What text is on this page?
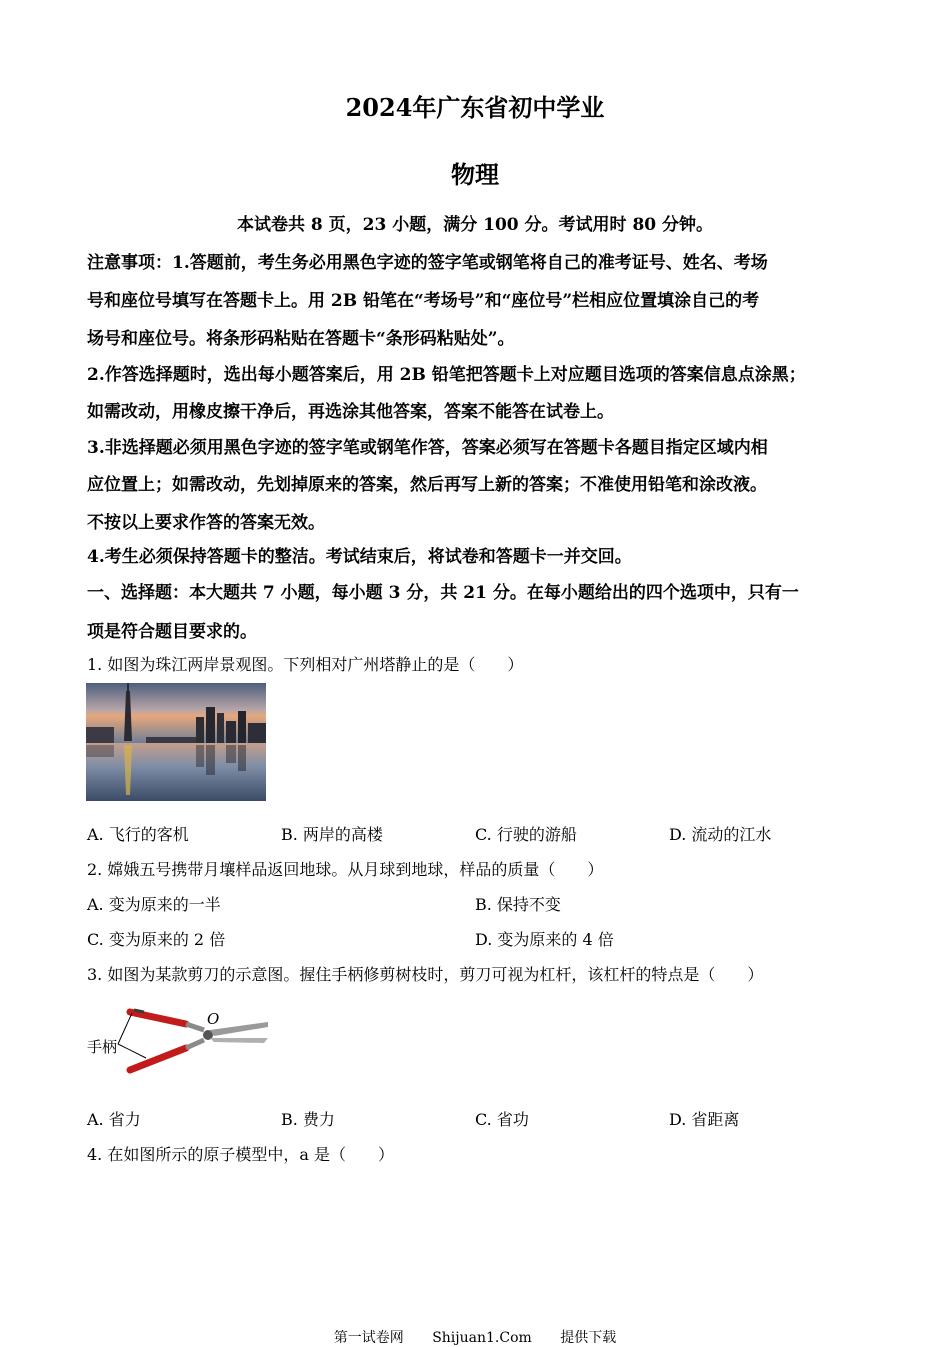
2024年广东省初中学业
物理
本试卷共 8 页，23 小题，满分 100 分。考试用时 80 分钟。
注意事项：1.答题前，考生务必用黑色字迹的签字笔或钢笔将自己的准考证号、姓名、考场
号和座位号填写在答题卡上。用 2B 铅笔在“考场号”和“座位号”栏相应位置填涂自己的考
场号和座位号。将条形码粘贴在答题卡“条形码粘贴处”。
2.作答选择题时，选出每小题答案后，用 2B 铅笔把答题卡上对应题目选项的答案信息点涂黑；
如需改动，用橡皮擦干净后，再选涂其他答案，答案不能答在试卷上。
3.非选择题必须用黑色字迹的签字笔或钢笔作答，答案必须写在答题卡各题目指定区域内相
应位置上；如需改动，先划掉原来的答案，然后再写上新的答案；不准使用铅笔和涂改液。
不按以上要求作答的答案无效。
4.考生必须保持答题卡的整洁。考试结束后，将试卷和答题卡一并交回。
一、选择题：本大题共 7 小题，每小题 3 分，共 21 分。在每小题给出的四个选项中，只有一
项是符合题目要求的。
1. 如图为珠江两岸景观图。下列相对广州塔静止的是（　　）
A. 飞行的客机	B. 两岸的高楼	C. 行驶的游船	D. 流动的江水
2. 嫦娥五号携带月壤样品返回地球。从月球到地球，样品的质量（　　）
A. 变为原来的一半	B. 保持不变
C. 变为原来的 2 倍	D. 变为原来的 4 倍
3. 如图为某款剪刀的示意图。握住手柄修剪树枝时，剪刀可视为杠杆，该杠杆的特点是（　　）
手柄
O
A. 省力	B. 费力	C. 省功	D. 省距离
4. 在如图所示的原子模型中，a 是（　　）
第一试卷网 Shijuan1.Com 提供下载
